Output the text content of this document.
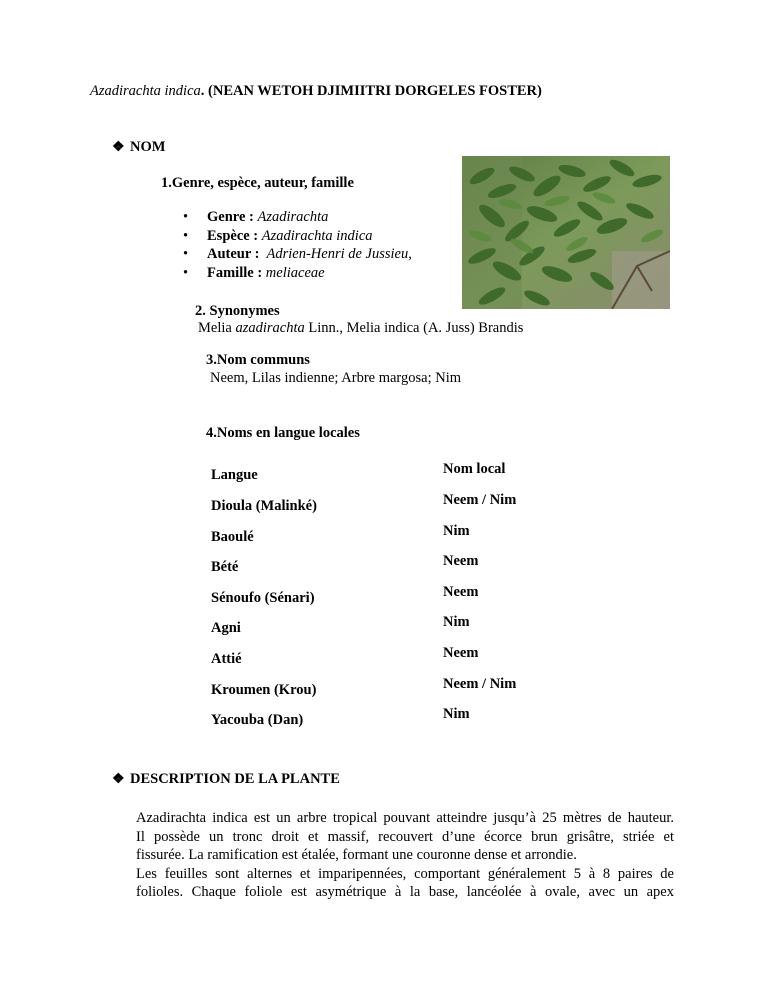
Azadirachta indica. (NEAN WETOH DJIMIITRI DORGELES FOSTER)
❖ NOM
1.Genre, espèce, auteur, famille
• Genre : Azadirachta
• Espèce : Azadirachta indica
• Auteur :  Adrien-Henri de Jussieu,
• Famille : meliaceae
2. Synonymes
Melia azadirachta Linn., Melia indica (A. Juss) Brandis
3.Nom communs
Neem, Lilas indienne; Arbre margosa; Nim
4.Noms en langue locales
Langue	Nom local
Dioula (Malinké)	Neem / Nim
Baoulé	Nim
Bété	Neem
Sénoufo (Sénari)	Neem
Agni	Nim
Attié	Neem
Kroumen (Krou)	Neem / Nim
Yacouba (Dan)	Nim
❖ DESCRIPTION DE LA PLANTE
Azadirachta indica est un arbre tropical pouvant atteindre jusqu’à 25 mètres de hauteur.
Il possède un tronc droit et massif, recouvert d’une écorce brun grisâtre, striée et
fissurée. La ramification est étalée, formant une couronne dense et arrondie.
Les feuilles sont alternes et imparipennées, comportant généralement 5 à 8 paires de
folioles. Chaque foliole est asymétrique à la base, lancéolée à ovale, avec un apex
